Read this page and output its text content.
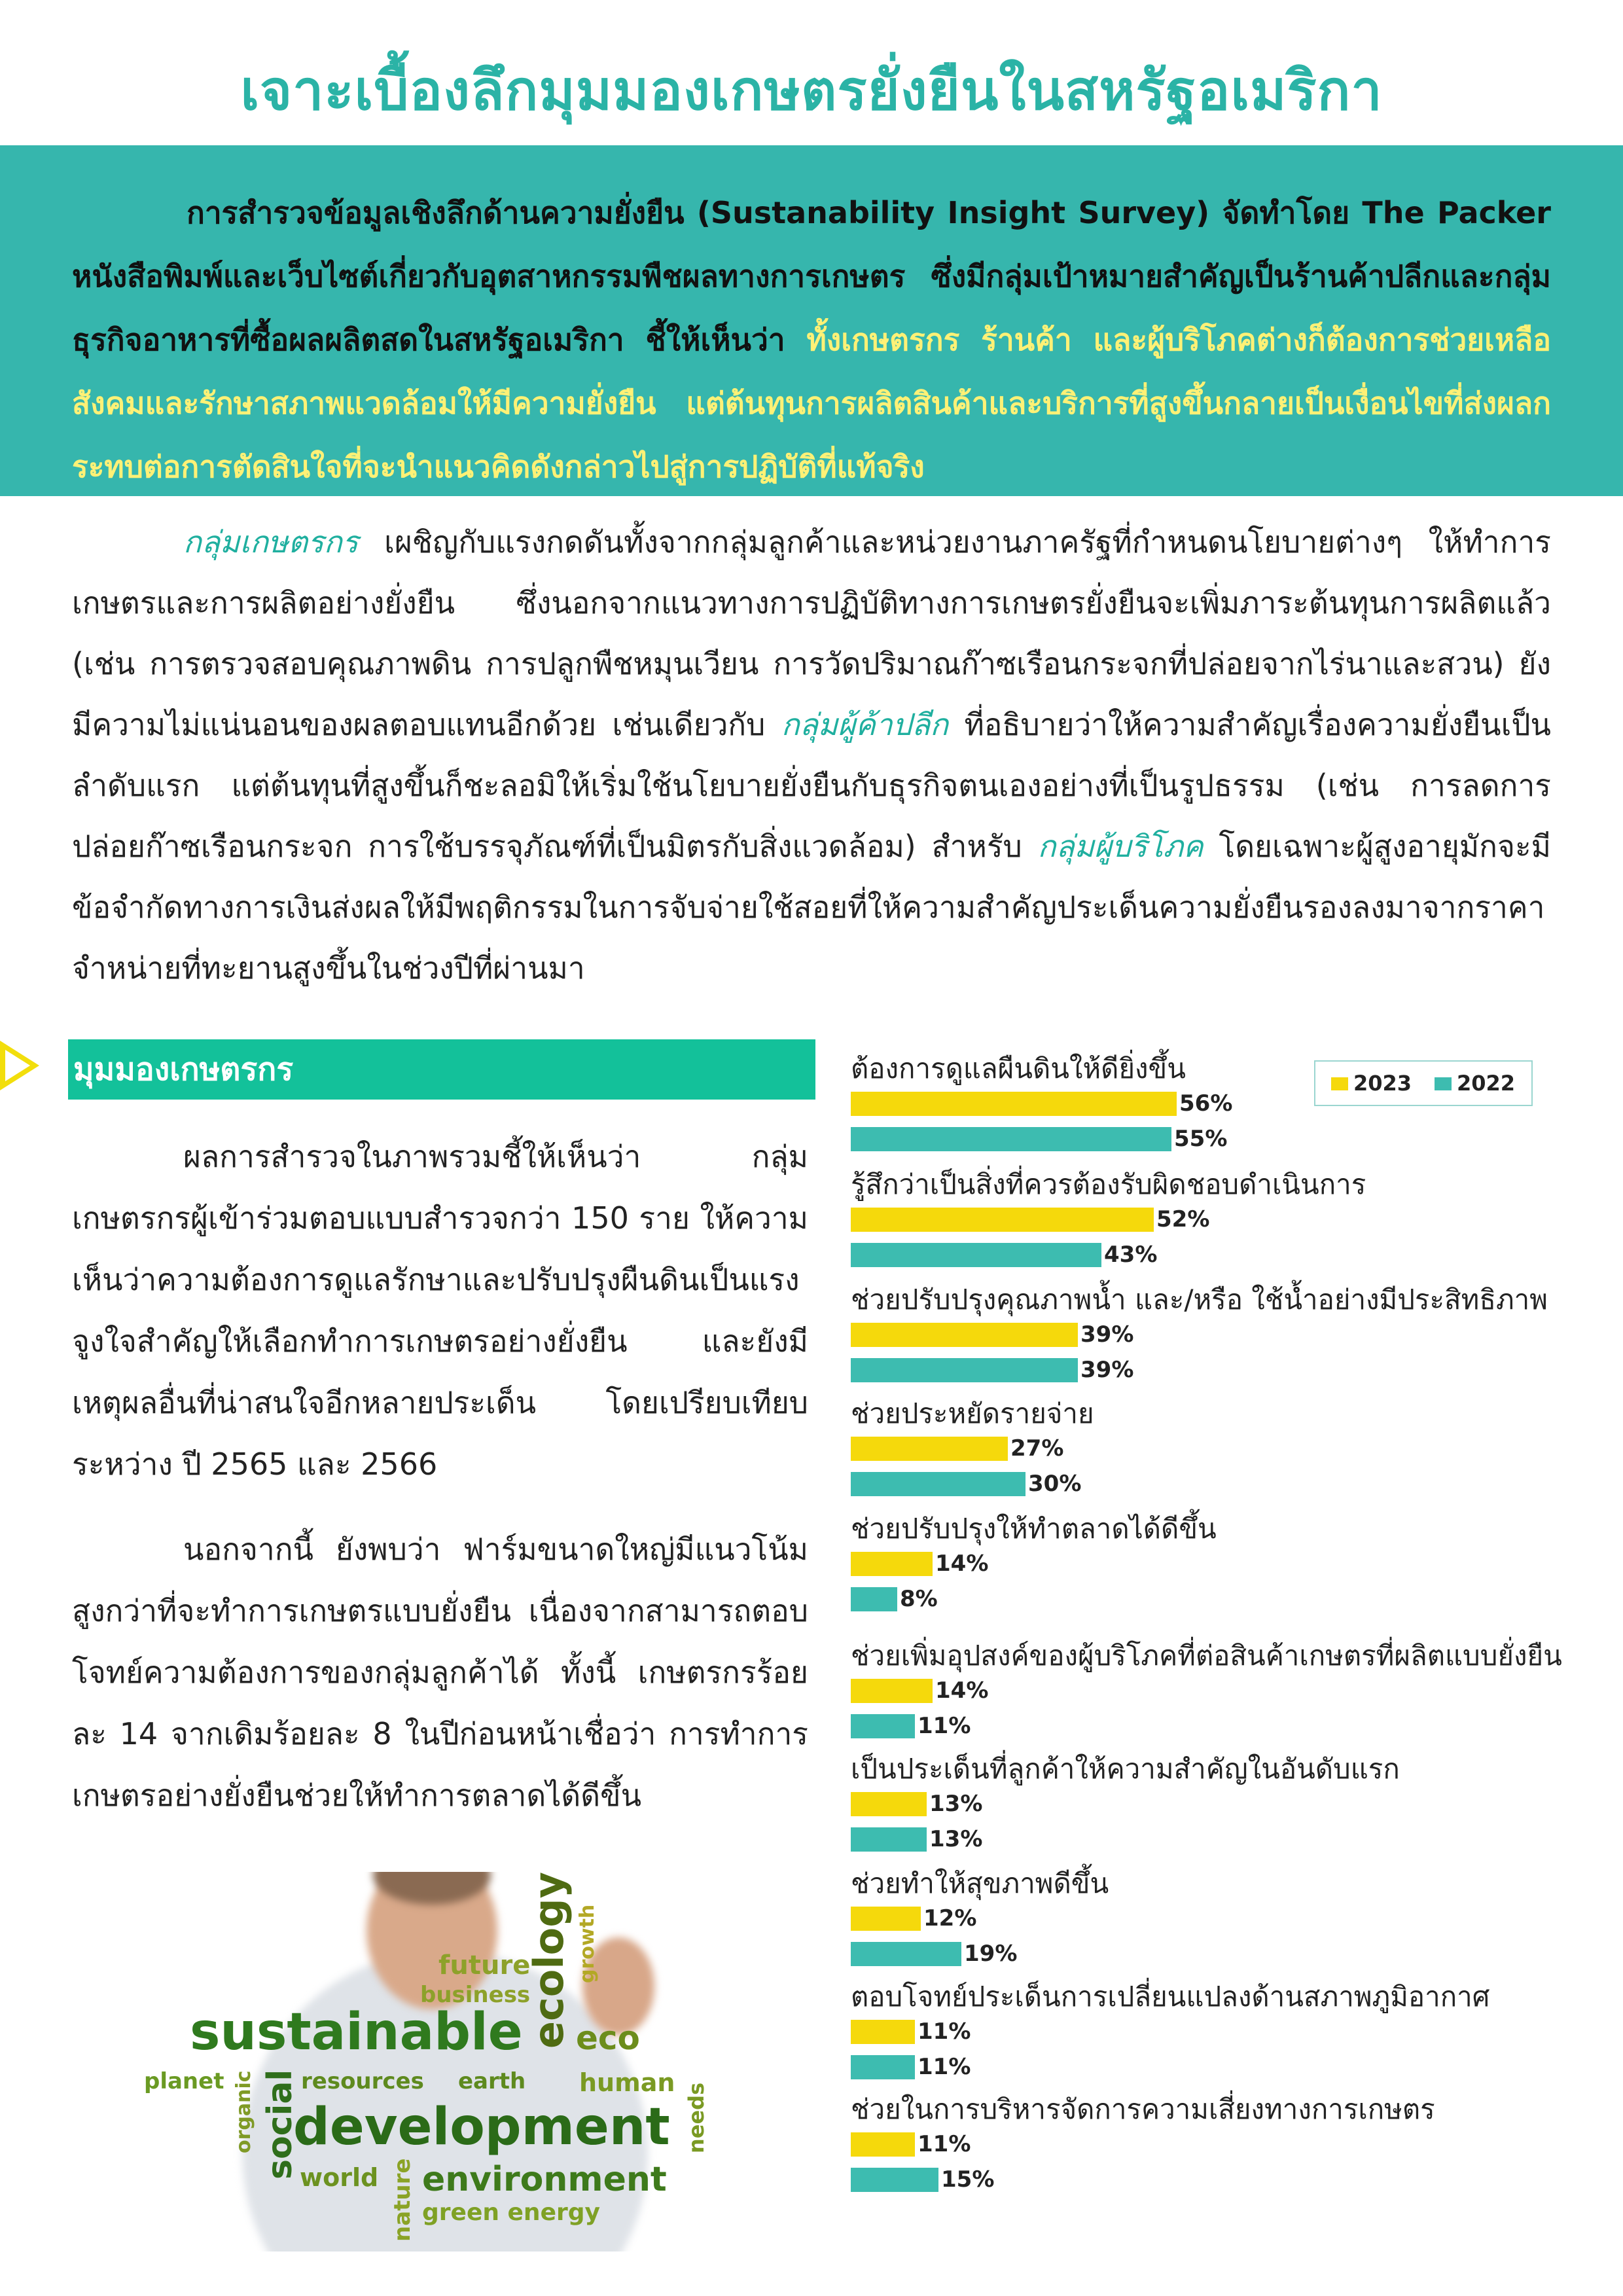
เจาะเบื้องลึกมุมมองเกษตรยั่งยืนในสหรัฐอเมริกา

การสำรวจข้อมูลเชิงลึกด้านความยั่งยืน (Sustanability Insight Survey) จัดทำโดย The Packer หนังสือพิมพ์และเว็บไซต์เกี่ยวกับอุตสาหกรรมพืชผลทางการเกษตร ซึ่งมีกลุ่มเป้าหมายสำคัญเป็นร้านค้าปลีกและกลุ่มธุรกิจอาหารที่ซื้อผลผลิตสดในสหรัฐอเมริกา ชี้ให้เห็นว่า ทั้งเกษตรกร ร้านค้า และผู้บริโภคต่างก็ต้องการช่วยเหลือสังคมและรักษาสภาพแวดล้อมให้มีความยั่งยืน แต่ต้นทุนการผลิตสินค้าและบริการที่สูงขึ้นกลายเป็นเงื่อนไขที่ส่งผลกระทบต่อการตัดสินใจที่จะนำแนวคิดดังกล่าวไปสู่การปฏิบัติที่แท้จริง

กลุ่มเกษตรกร เผชิญกับแรงกดดันทั้งจากกลุ่มลูกค้าและหน่วยงานภาครัฐที่กำหนดนโยบายต่างๆ ให้ทำการเกษตรและการผลิตอย่างยั่งยืน ซึ่งนอกจากแนวทางการปฏิบัติทางการเกษตรยั่งยืนจะเพิ่มภาระต้นทุนการผลิตแล้ว (เช่น การตรวจสอบคุณภาพดิน การปลูกพืชหมุนเวียน การวัดปริมาณก๊าซเรือนกระจกที่ปล่อยจากไร่นาและสวน) ยังมีความไม่แน่นอนของผลตอบแทนอีกด้วย เช่นเดียวกับ กลุ่มผู้ค้าปลีก ที่อธิบายว่าให้ความสำคัญเรื่องความยั่งยืนเป็นลำดับแรก แต่ต้นทุนที่สูงขึ้นก็ชะลอมิให้เริ่มใช้นโยบายยั่งยืนกับธุรกิจตนเองอย่างที่เป็นรูปธรรม (เช่น การลดการปล่อยก๊าซเรือนกระจก การใช้บรรจุภัณฑ์ที่เป็นมิตรกับสิ่งแวดล้อม) สำหรับ กลุ่มผู้บริโภค โดยเฉพาะผู้สูงอายุมักจะมีข้อจำกัดทางการเงินส่งผลให้มีพฤติกรรมในการจับจ่ายใช้สอยที่ให้ความสำคัญประเด็นความยั่งยืนรองลงมาจากราคาจำหน่ายที่ทะยานสูงขึ้นในช่วงปีที่ผ่านมา

มุมมองเกษตรกร

ผลการสำรวจในภาพรวมชี้ให้เห็นว่า กลุ่มเกษตรกรผู้เข้าร่วมตอบแบบสำรวจกว่า 150 ราย ให้ความเห็นว่าความต้องการดูแลรักษาและปรับปรุงผืนดินเป็นแรงจูงใจสำคัญให้เลือกทำการเกษตรอย่างยั่งยืน และยังมีเหตุผลอื่นที่น่าสนใจอีกหลายประเด็น โดยเปรียบเทียบระหว่าง ปี 2565 และ 2566

นอกจากนี้ ยังพบว่า ฟาร์มขนาดใหญ่มีแนวโน้มสูงกว่าที่จะทำการเกษตรแบบยั่งยืน เนื่องจากสามารถตอบโจทย์ความต้องการของกลุ่มลูกค้าได้ ทั้งนี้ เกษตรกรร้อยละ 14 จากเดิมร้อยละ 8 ในปีก่อนหน้าเชื่อว่า การทำการเกษตรอย่างยั่งยืนช่วยให้ทำการตลาดได้ดีขึ้น

future
business
ecology growth
sustainable eco
planet organic social resources earth human needs
development
world environment
nature green energy
2023 2022
ต้องการดูแลผืนดินให้ดียิ่งขึ้น
56%
55%
รู้สึกว่าเป็นสิ่งที่ควรต้องรับผิดชอบดำเนินการ
52%
43%
ช่วยปรับปรุงคุณภาพน้ำ และ/หรือ ใช้น้ำอย่างมีประสิทธิภาพ
39%
39%
ช่วยประหยัดรายจ่าย
27%
30%
ช่วยปรับปรุงให้ทำตลาดได้ดีขึ้น
14%
8%
ช่วยเพิ่มอุปสงค์ของผู้บริโภคที่ต่อสินค้าเกษตรที่ผลิตแบบยั่งยืน
14%
11%
เป็นประเด็นที่ลูกค้าให้ความสำคัญในอันดับแรก
13%
13%
ช่วยทำให้สุขภาพดีขึ้น
12%
19%
ตอบโจทย์ประเด็นการเปลี่ยนแปลงด้านสภาพภูมิอากาศ
11%
11%
ช่วยในการบริหารจัดการความเสี่ยงทางการเกษตร
11%
15%
